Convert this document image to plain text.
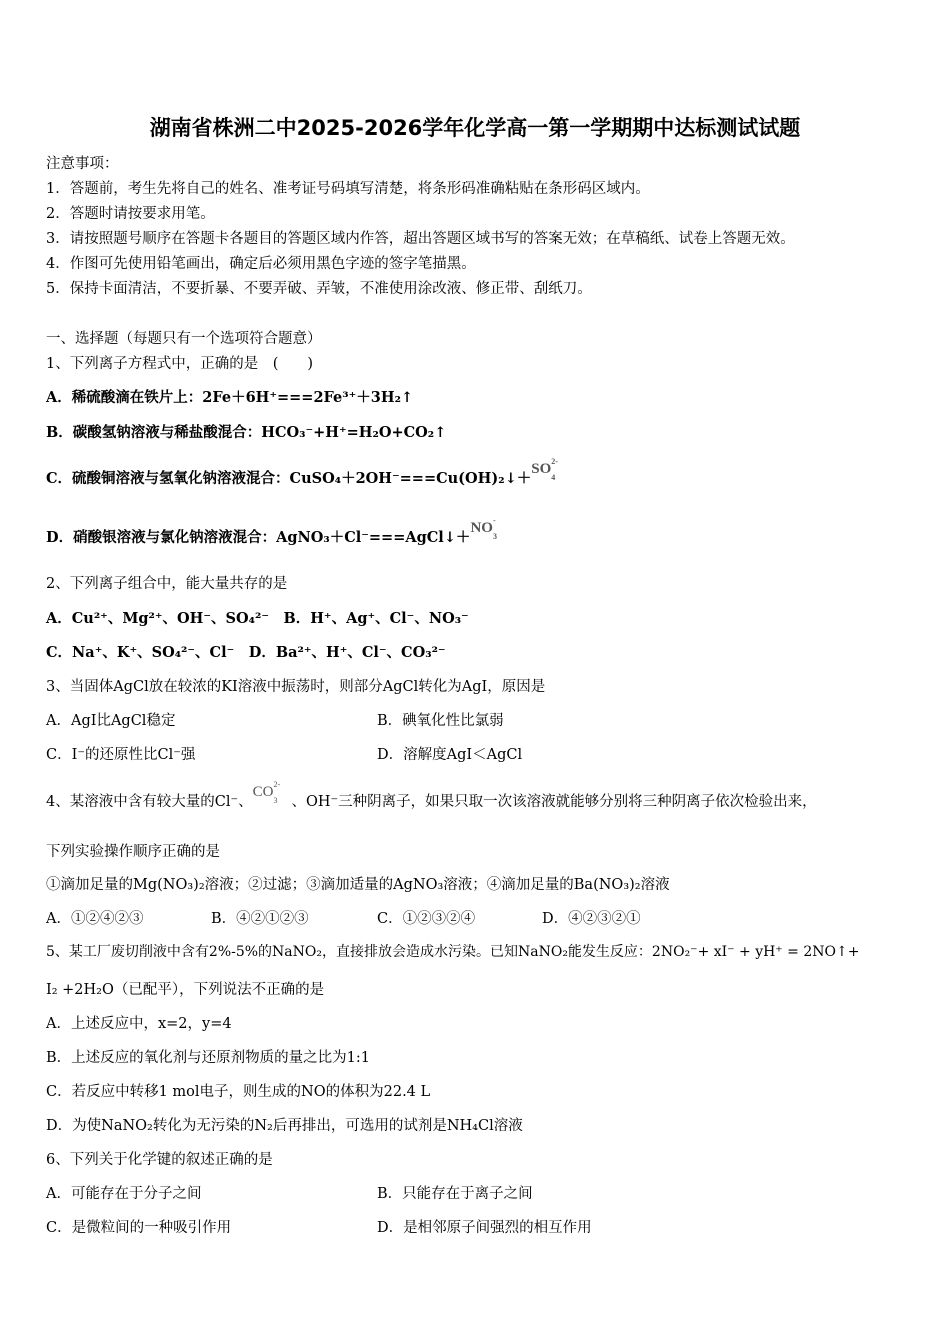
湖南省株洲二中2025-2026学年化学高一第一学期期中达标测试试题
注意事项：
1．答题前，考生先将自己的姓名、准考证号码填写清楚，将条形码准确粘贴在条形码区域内。
2．答题时请按要求用笔。
3．请按照题号顺序在答题卡各题目的答题区域内作答，超出答题区域书写的答案无效；在草稿纸、试卷上答题无效。
4．作图可先使用铅笔画出，确定后必须用黑色字迹的签字笔描黑。
5．保持卡面清洁，不要折暴、不要弄破、弄皱，不准使用涂改液、修正带、刮纸刀。
一、选择题（每题只有一个选项符合题意）
1、下列离子方程式中，正确的是　(　　)
A．稀硫酸滴在铁片上：2Fe＋6H⁺===2Fe³⁺＋3H₂↑
B．碳酸氢钠溶液与稀盐酸混合：HCO₃⁻+H⁺=H₂O+CO₂↑
C．硫酸铜溶液与氢氧化钠溶液混合：CuSO₄＋2OH⁻===Cu(OH)₂↓＋SO 2-
4
D．硝酸银溶液与氯化钠溶液混合：AgNO₃＋Cl⁻===AgCl↓＋NO -
3
2、下列离子组合中，能大量共存的是
A．Cu²⁺、Mg²⁺、OH⁻、SO₄²⁻　B．H⁺、Ag⁺、Cl⁻、NO₃⁻
C．Na⁺、K⁺、SO₄²⁻、Cl⁻　D．Ba²⁺、H⁺、Cl⁻、CO₃²⁻
3、当固体AgCl放在较浓的KI溶液中振荡时，则部分AgCl转化为AgI，原因是
A．AgI比AgCl稳定	B．碘氧化性比氯弱
C．I⁻的还原性比Cl⁻强	D．溶解度AgI＜AgCl
4、某溶液中含有较大量的Cl⁻、CO 2-
3 、OH⁻三种阴离子，如果只取一次该溶液就能够分别将三种阴离子依次检验出来，
下列实验操作顺序正确的是
①滴加足量的Mg(NO₃)₂溶液；②过滤；③滴加适量的AgNO₃溶液；④滴加足量的Ba(NO₃)₂溶液
A．①②④②③	B．④②①②③	C．①②③②④	D．④②③②①
5、某工厂废切削液中含有2%-5%的NaNO₂，直接排放会造成水污染。已知NaNO₂能发生反应：2NO₂⁻+ xI⁻ + yH⁺ = 2NO↑+
I₂ +2H₂O（已配平），下列说法不正确的是
A．上述反应中，x=2，y=4
B．上述反应的氧化剂与还原剂物质的量之比为1:1
C．若反应中转移1 mol电子，则生成的NO的体积为22.4 L
D．为使NaNO₂转化为无污染的N₂后再排出，可选用的试剂是NH₄Cl溶液
6、下列关于化学键的叙述正确的是
A．可能存在于分子之间	B．只能存在于离子之间
C．是微粒间的一种吸引作用	D．是相邻原子间强烈的相互作用
